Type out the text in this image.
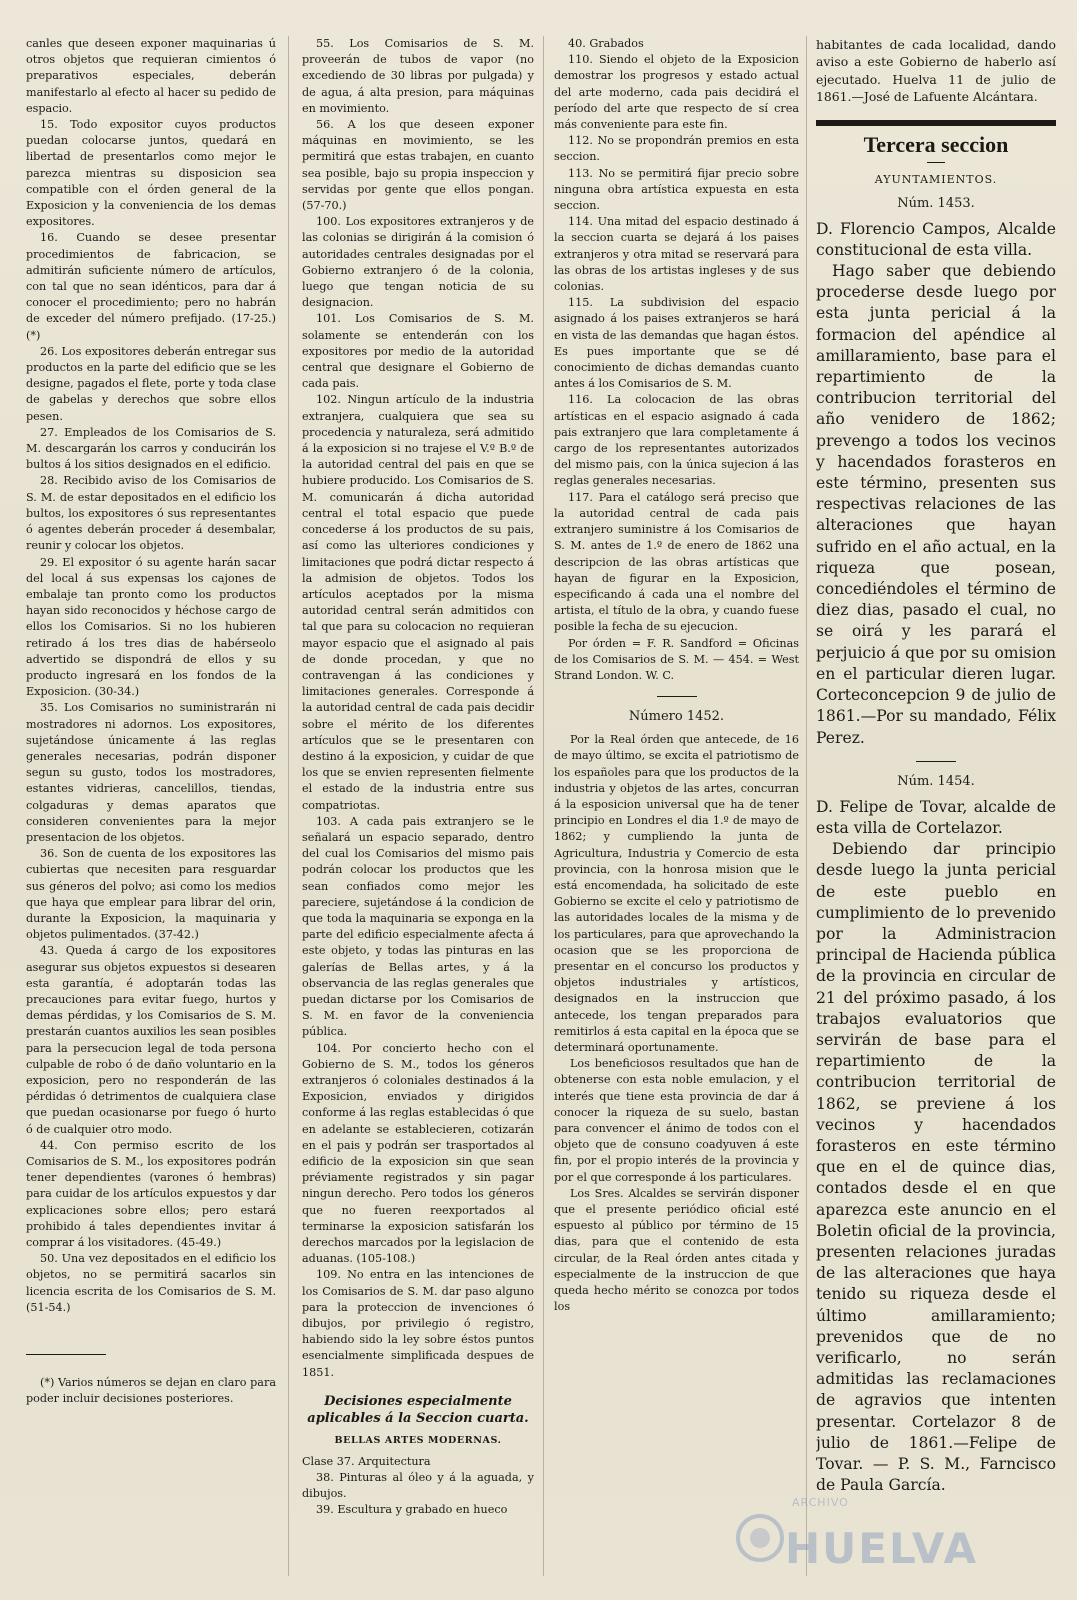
canles que deseen exponer maquinarias ú otros objetos que requieran cimientos ó preparativos especiales, deberán manifestarlo al efecto al hacer su pedido de espacio.

15. Todo expositor cuyos productos puedan colocarse juntos, quedará en libertad de presentarlos como mejor le parezca mientras su disposicion sea compatible con el órden general de la Exposicion y la conveniencia de los demas expositores.

16. Cuando se desee presentar procedimientos de fabricacion, se admitirán suficiente número de artículos, con tal que no sean idénticos, para dar á conocer el procedimiento; pero no habrán de exceder del número prefijado. (17-25.) (*)

26. Los expositores deberán entregar sus productos en la parte del edificio que se les designe, pagados el flete, porte y toda clase de gabelas y derechos que sobre ellos pesen.

27. Empleados de los Comisarios de S. M. descargarán los carros y conducirán los bultos á los sitios designados en el edificio.

28. Recibido aviso de los Comisarios de S. M. de estar depositados en el edificio los bultos, los expositores ó sus representantes ó agentes deberán proceder á desembalar, reunir y colocar los objetos.

29. El expositor ó su agente harán sacar del local á sus expensas los cajones de embalaje tan pronto como los productos hayan sido reconocidos y héchose cargo de ellos los Comisarios. Si no los hubieren retirado á los tres dias de habérseolo advertido se dispondrá de ellos y su producto ingresará en los fondos de la Exposicion. (30-34.)

35. Los Comisarios no suministrarán ni mostradores ni adornos. Los expositores, sujetándose únicamente á las reglas generales necesarias, podrán disponer segun su gusto, todos los mostradores, estantes vidrieras, cancelillos, tiendas, colgaduras y demas aparatos que consideren convenientes para la mejor presentacion de los objetos.

36. Son de cuenta de los expositores las cubiertas que necesiten para resguardar sus géneros del polvo; asi como los medios que haya que emplear para librar del orin, durante la Exposicion, la maquinaria y objetos pulimentados. (37-42.)

43. Queda á cargo de los expositores asegurar sus objetos expuestos si desearen esta garantía, é adoptarán todas las precauciones para evitar fuego, hurtos y demas pérdidas, y los Comisarios de S. M. prestarán cuantos auxilios les sean posibles para la persecucion legal de toda persona culpable de robo ó de daño voluntario en la exposicion, pero no responderán de las pérdidas ó detrimentos de cualquiera clase que puedan ocasionarse por fuego ó hurto ó de cualquier otro modo.

44. Con permiso escrito de los Comisarios de S. M., los expositores podrán tener dependientes (varones ó hembras) para cuidar de los artículos expuestos y dar explicaciones sobre ellos; pero estará prohibido á tales dependientes invitar á comprar á los visitadores. (45-49.)

50. Una vez depositados en el edificio los objetos, no se permitirá sacarlos sin licencia escrita de los Comisarios de S. M. (51-54.)

(*) Varios números se dejan en claro para poder incluir decisiones posteriores.

55. Los Comisarios de S. M. proveerán de tubos de vapor (no excediendo de 30 libras por pulgada) y de agua, á alta presion, para máquinas en movimiento.

56. A los que deseen exponer máquinas en movimiento, se les permitirá que estas trabajen, en cuanto sea posible, bajo su propia inspeccion y servidas por gente que ellos pongan. (57-70.)

100. Los expositores extranjeros y de las colonias se dirigirán á la comision ó autoridades centrales designadas por el Gobierno extranjero ó de la colonia, luego que tengan noticia de su designacion.

101. Los Comisarios de S. M. solamente se entenderán con los expositores por medio de la autoridad central que designare el Gobierno de cada pais.

102. Ningun artículo de la industria extranjera, cualquiera que sea su procedencia y naturaleza, será admitido á la exposicion si no trajese el V.º B.º de la autoridad central del pais en que se hubiere producido. Los Comisarios de S. M. comunicarán á dicha autoridad central el total espacio que puede concederse á los productos de su pais, así como las ulteriores condiciones y limitaciones que podrá dictar respecto á la admision de objetos. Todos los artículos aceptados por la misma autoridad central serán admitidos con tal que para su colocacion no requieran mayor espacio que el asignado al pais de donde procedan, y que no contravengan á las condiciones y limitaciones generales. Corresponde á la autoridad central de cada pais decidir sobre el mérito de los diferentes artículos que se le presentaren con destino á la exposicion, y cuidar de que los que se envien representen fielmente el estado de la industria entre sus compatriotas.

103. A cada pais extranjero se le señalará un espacio separado, dentro del cual los Comisarios del mismo pais podrán colocar los productos que les sean confiados como mejor les pareciere, sujetándose á la condicion de que toda la maquinaria se exponga en la parte del edificio especialmente afecta á este objeto, y todas las pinturas en las galerías de Bellas artes, y á la observancia de las reglas generales que puedan dictarse por los Comisarios de S. M. en favor de la conveniencia pública.

104. Por concierto hecho con el Gobierno de S. M., todos los géneros extranjeros ó coloniales destinados á la Exposicion, enviados y dirigidos conforme á las reglas establecidas ó que en adelante se establecieren, cotizarán en el pais y podrán ser trasportados al edificio de la exposicion sin que sean préviamente registrados y sin pagar ningun derecho. Pero todos los géneros que no fueren reexportados al terminarse la exposicion satisfarán los derechos marcados por la legislacion de aduanas. (105-108.)

109. No entra en las intenciones de los Comisarios de S. M. dar paso alguno para la proteccion de invenciones ó dibujos, por privilegio ó registro, habiendo sido la ley sobre éstos puntos esencialmente simplificada despues de 1851.

Decisiones especialmente aplicables á la Seccion cuarta.
BELLAS ARTES MODERNAS.

Clase 37. Arquitectura

38. Pinturas al óleo y á la aguada, y dibujos.

39. Escultura y grabado en hueco

40. Grabados

110. Siendo el objeto de la Exposicion demostrar los progresos y estado actual del arte moderno, cada pais decidirá el período del arte que respecto de sí crea más conveniente para este fin.

112. No se propondrán premios en esta seccion.

113. No se permitirá fijar precio sobre ninguna obra artística expuesta en esta seccion.

114. Una mitad del espacio destinado á la seccion cuarta se dejará á los paises extranjeros y otra mitad se reservará para las obras de los artistas ingleses y de sus colonias.

115. La subdivision del espacio asignado á los paises extranjeros se hará en vista de las demandas que hagan éstos. Es pues importante que se dé conocimiento de dichas demandas cuanto antes á los Comisarios de S. M.

116. La colocacion de las obras artísticas en el espacio asignado á cada pais extranjero que lara completamente á cargo de los representantes autorizados del mismo pais, con la única sujecion á las reglas generales necesarias.

117. Para el catálogo será preciso que la autoridad central de cada pais extranjero suministre á los Comisarios de S. M. antes de 1.º de enero de 1862 una descripcion de las obras artísticas que hayan de figurar en la Exposicion, especificando á cada una el nombre del artista, el título de la obra, y cuando fuese posible la fecha de su ejecucion.

Por órden = F. R. Sandford = Oficinas de los Comisarios de S. M. — 454. = West Strand London. W. C.

Número 1452.

Por la Real órden que antecede, de 16 de mayo último, se excita el patriotismo de los españoles para que los productos de la industria y objetos de las artes, concurran á la esposicion universal que ha de tener principio en Londres el dia 1.º de mayo de 1862; y cumpliendo la junta de Agricultura, Industria y Comercio de esta provincia, con la honrosa mision que le está encomendada, ha solicitado de este Gobierno se excite el celo y patriotismo de las autoridades locales de la misma y de los particulares, para que aprovechando la ocasion que se les proporciona de presentar en el concurso los productos y objetos industriales y artísticos, designados en la instruccion que antecede, los tengan preparados para remitirlos á esta capital en la época que se determinará oportunamente.

Los beneficiosos resultados que han de obtenerse con esta noble emulacion, y el interés que tiene esta provincia de dar á conocer la riqueza de su suelo, bastan para convencer el ánimo de todos con el objeto que de consuno coadyuven á este fin, por el propio interés de la provincia y por el que corresponde á los particulares.

Los Sres. Alcaldes se servirán disponer que el presente periódico oficial esté espuesto al público por término de 15 dias, para que el contenido de esta circular, de la Real órden antes citada y especialmente de la instruccion de que queda hecho mérito se conozca por todos los

habitantes de cada localidad, dando aviso a este Gobierno de haberlo así ejecutado. Huelva 11 de julio de 1861.—José de Lafuente Alcántara.

Tercera seccion
AYUNTAMIENTOS.
Núm. 1453.

D. Florencio Campos, Alcalde constitucional de esta villa.

Hago saber que debiendo procederse desde luego por esta junta pericial á la formacion del apéndice al amillaramiento, base para el repartimiento de la contribucion territorial del año venidero de 1862; prevengo a todos los vecinos y hacendados forasteros en este término, presenten sus respectivas relaciones de las alteraciones que hayan sufrido en el año actual, en la riqueza que posean, concediéndoles el término de diez dias, pasado el cual, no se oirá y les parará el perjuicio á que por su omision en el particular dieren lugar. Corteconcepcion 9 de julio de 1861.—Por su mandado, Félix Perez.

Núm. 1454.

D. Felipe de Tovar, alcalde de esta villa de Cortelazor.

Debiendo dar principio desde luego la junta pericial de este pueblo en cumplimiento de lo prevenido por la Administracion principal de Hacienda pública de la provincia en circular de 21 del próximo pasado, á los trabajos evaluatorios que servirán de base para el repartimiento de la contribucion territorial de 1862, se previene á los vecinos y hacendados forasteros en este término que en el de quince dias, contados desde el en que aparezca este anuncio en el Boletin oficial de la provincia, presenten relaciones juradas de las alteraciones que haya tenido su riqueza desde el último amillaramiento; prevenidos que de no verificarlo, no serán admitidas las reclamaciones de agravios que intenten presentar. Cortelazor 8 de julio de 1861.—Felipe de Tovar. — P. S. M., Farncisco de Paula García.

ARCHIVO
HUELVA
